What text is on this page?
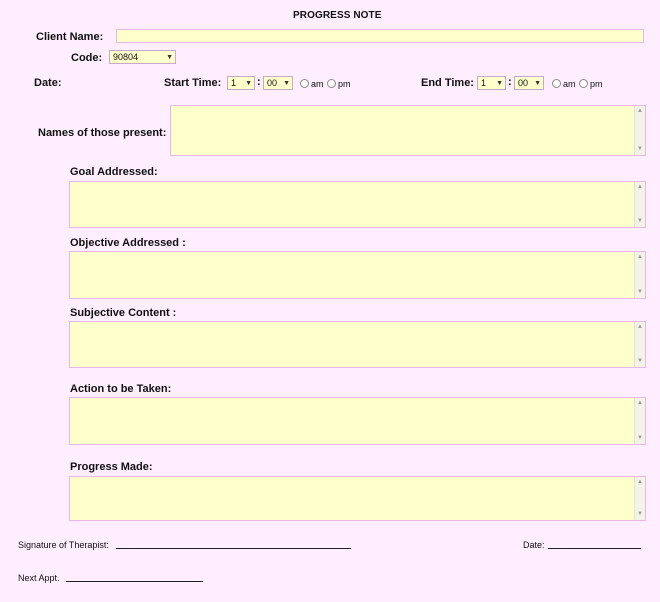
PROGRESS NOTE
Client Name:
Code:	90804	▼
Date:	Start Time:	1 ▼ : 00 ▼ am pm	End Time: 1 ▼ : 00 ▼ am pm
Names of those present:
▲
▼
Goal Addressed:
▲
▼
Objective Addressed :
▲
▼
Subjective Content :
▲
▼
Action to be Taken:
▲
▼
Progress Made:
▲
▼
Signature of Therapist:	Date:
Next Appt.
